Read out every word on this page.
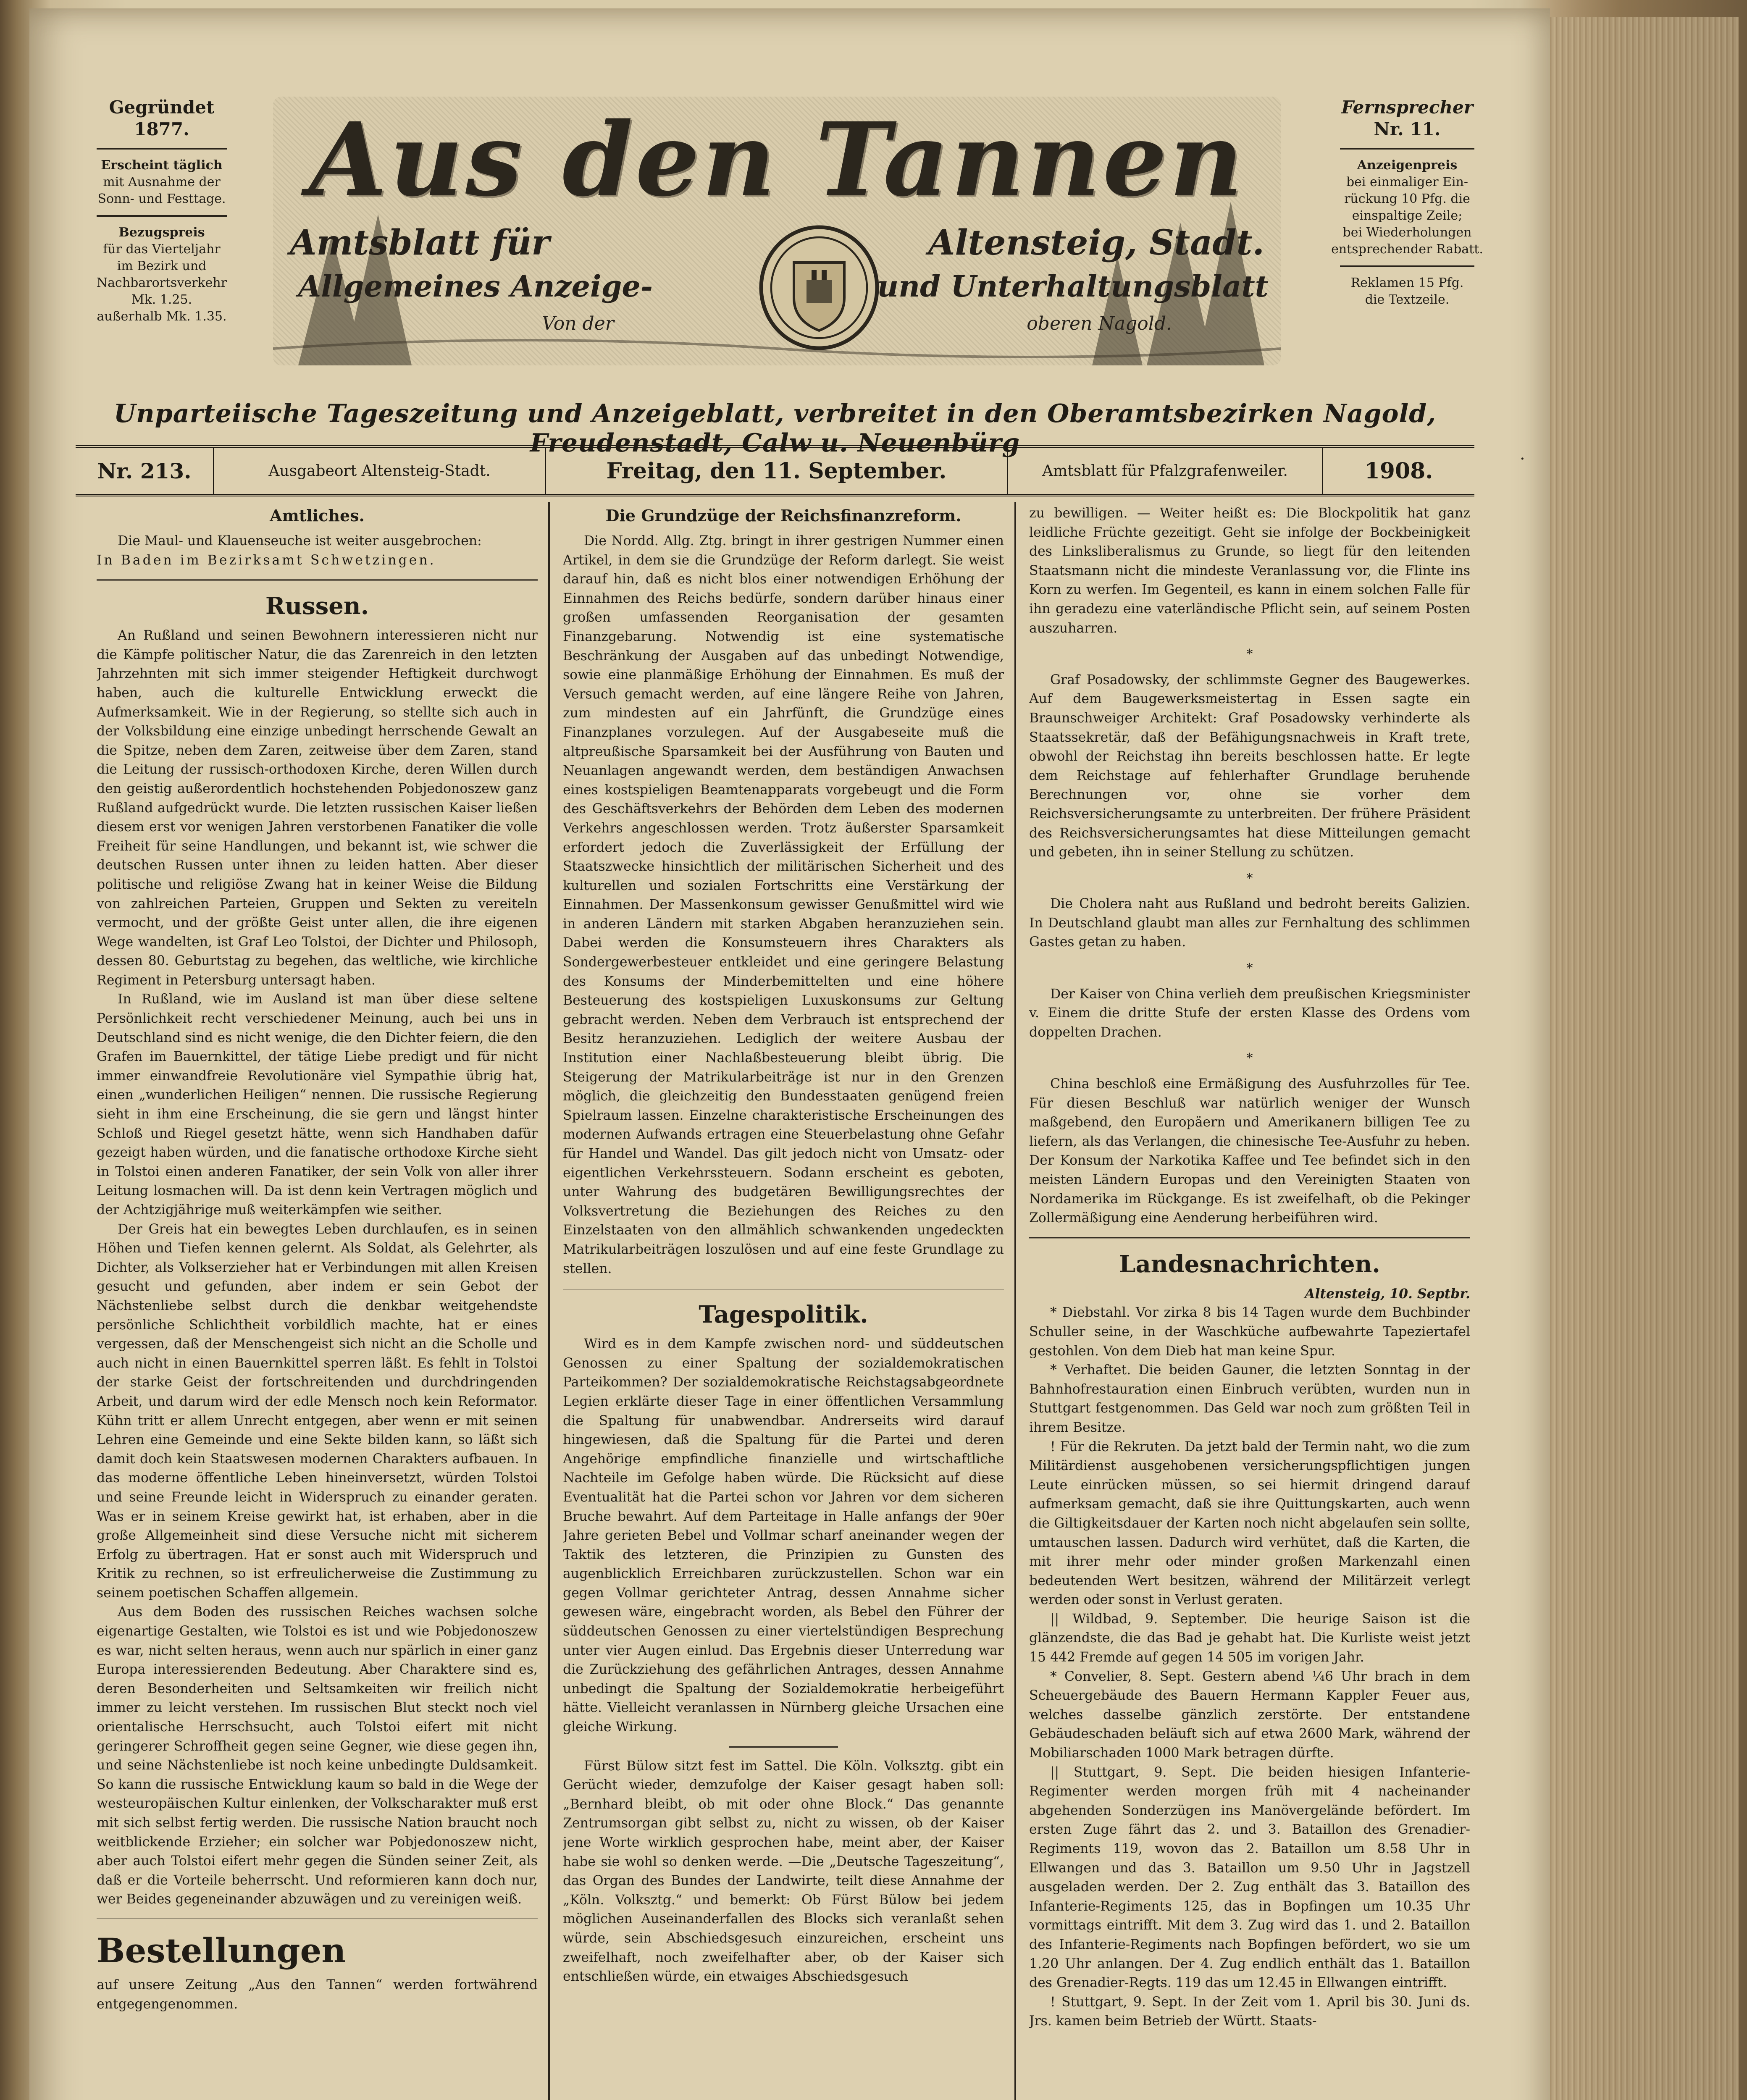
Gegründet
1877.
Erscheint täglich
mit Ausnahme der
Sonn- und Festtage.
Bezugspreis
für das Vierteljahr
im Bezirk und
Nachbarortsverkehr
Mk. 1.25.
außerhalb Mk. 1.35.
Aus den Tannen
Amtsblatt für	Altensteig, Stadt.
Allgemeines Anzeige-	und Unterhaltungsblatt
Von der	oberen Nagold.
Fernsprecher
Nr. 11.
Anzeigenpreis
bei einmaliger Ein-
rückung 10 Pfg. die
einspaltige Zeile;
bei Wiederholungen
entsprechender Rabatt.
Reklamen 15 Pfg.
die Textzeile.
Unparteiische Tageszeitung und Anzeigeblatt, verbreitet in den Oberamtsbezirken Nagold, Freudenstadt, Calw u. Neuenbürg
Nr. 213.	Ausgabeort Altensteig-Stadt.	Freitag, den 11. September.	Amtsblatt für Pfalzgrafenweiler.	1908.	·
Amtliches.

Die Maul- und Klauenseuche ist weiter ausgebrochen:

In Baden im Bezirksamt Schwetzingen.

Russen.

An Rußland und seinen Bewohnern interessieren nicht nur die Kämpfe politischer Natur, die das Zarenreich in den letzten Jahrzehnten mit sich immer steigender Heftigkeit durchwogt haben, auch die kulturelle Entwicklung erweckt die Aufmerksamkeit. Wie in der Regierung, so stellte sich auch in der Volksbildung eine einzige unbedingt herrschende Gewalt an die Spitze, neben dem Zaren, zeitweise über dem Zaren, stand die Leitung der russisch-orthodoxen Kirche, deren Willen durch den geistig außerordentlich hochstehenden Pobjedonoszew ganz Rußland aufgedrückt wurde. Die letzten russischen Kaiser ließen diesem erst vor wenigen Jahren verstorbenen Fanatiker die volle Freiheit für seine Handlungen, und bekannt ist, wie schwer die deutschen Russen unter ihnen zu leiden hatten. Aber dieser politische und religiöse Zwang hat in keiner Weise die Bildung von zahlreichen Parteien, Gruppen und Sekten zu vereiteln vermocht, und der größte Geist unter allen, die ihre eigenen Wege wandelten, ist Graf Leo Tolstoi, der Dichter und Philosoph, dessen 80. Geburtstag zu begehen, das weltliche, wie kirchliche Regiment in Petersburg untersagt haben.

In Rußland, wie im Ausland ist man über diese seltene Persönlichkeit recht verschiedener Meinung, auch bei uns in Deutschland sind es nicht wenige, die den Dichter feiern, die den Grafen im Bauernkittel, der tätige Liebe predigt und für nicht immer einwandfreie Revolutionäre viel Sympathie übrig hat, einen „wunderlichen Heiligen“ nennen. Die russische Regierung sieht in ihm eine Erscheinung, die sie gern und längst hinter Schloß und Riegel gesetzt hätte, wenn sich Handhaben dafür gezeigt haben würden, und die fanatische orthodoxe Kirche sieht in Tolstoi einen anderen Fanatiker, der sein Volk von aller ihrer Leitung losmachen will. Da ist denn kein Vertragen möglich und der Achtzigjährige muß weiterkämpfen wie seither.

Der Greis hat ein bewegtes Leben durchlaufen, es in seinen Höhen und Tiefen kennen gelernt. Als Soldat, als Gelehrter, als Dichter, als Volkserzieher hat er Verbindungen mit allen Kreisen gesucht und gefunden, aber indem er sein Gebot der Nächstenliebe selbst durch die denkbar weitgehendste persönliche Schlichtheit vorbildlich machte, hat er eines vergessen, daß der Menschengeist sich nicht an die Scholle und auch nicht in einen Bauernkittel sperren läßt. Es fehlt in Tolstoi der starke Geist der fortschreitenden und durchdringenden Arbeit, und darum wird der edle Mensch noch kein Reformator. Kühn tritt er allem Unrecht entgegen, aber wenn er mit seinen Lehren eine Gemeinde und eine Sekte bilden kann, so läßt sich damit doch kein Staatswesen modernen Charakters aufbauen. In das moderne öffentliche Leben hineinversetzt, würden Tolstoi und seine Freunde leicht in Widerspruch zu einander geraten. Was er in seinem Kreise gewirkt hat, ist erhaben, aber in die große Allgemeinheit sind diese Versuche nicht mit sicherem Erfolg zu übertragen. Hat er sonst auch mit Widerspruch und Kritik zu rechnen, so ist erfreulicherweise die Zustimmung zu seinem poetischen Schaffen allgemein.

Aus dem Boden des russischen Reiches wachsen solche eigenartige Gestalten, wie Tolstoi es ist und wie Pobjedonoszew es war, nicht selten heraus, wenn auch nur spärlich in einer ganz Europa interessierenden Bedeutung. Aber Charaktere sind es, deren Besonderheiten und Seltsamkeiten wir freilich nicht immer zu leicht verstehen. Im russischen Blut steckt noch viel orientalische Herrschsucht, auch Tolstoi eifert mit nicht geringerer Schroffheit gegen seine Gegner, wie diese gegen ihn, und seine Nächstenliebe ist noch keine unbedingte Duldsamkeit. So kann die russische Entwicklung kaum so bald in die Wege der westeuropäischen Kultur einlenken, der Volkscharakter muß erst mit sich selbst fertig werden. Die russische Nation braucht noch weitblickende Erzieher; ein solcher war Pobjedonoszew nicht, aber auch Tolstoi eifert mehr gegen die Sünden seiner Zeit, als daß er die Vorteile beherrscht. Und reformieren kann doch nur, wer Beides gegeneinander abzuwägen und zu vereinigen weiß.

Bestellungen

auf unsere Zeitung „Aus den Tannen“ werden fortwährend entgegengenommen.

Die Grundzüge der Reichsfinanzreform.

Die Nordd. Allg. Ztg. bringt in ihrer gestrigen Nummer einen Artikel, in dem sie die Grundzüge der Reform darlegt. Sie weist darauf hin, daß es nicht blos einer notwendigen Erhöhung der Einnahmen des Reichs bedürfe, sondern darüber hinaus einer großen umfassenden Reorganisation der gesamten Finanzgebarung. Notwendig ist eine systematische Beschränkung der Ausgaben auf das unbedingt Notwendige, sowie eine planmäßige Erhöhung der Einnahmen. Es muß der Versuch gemacht werden, auf eine längere Reihe von Jahren, zum mindesten auf ein Jahrfünft, die Grundzüge eines Finanzplanes vorzulegen. Auf der Ausgabeseite muß die altpreußische Sparsamkeit bei der Ausführung von Bauten und Neuanlagen angewandt werden, dem beständigen Anwachsen eines kostspieligen Beamtenapparats vorgebeugt und die Form des Geschäftsverkehrs der Behörden dem Leben des modernen Verkehrs angeschlossen werden. Trotz äußerster Sparsamkeit erfordert jedoch die Zuverlässigkeit der Erfüllung der Staatszwecke hinsichtlich der militärischen Sicherheit und des kulturellen und sozialen Fortschritts eine Verstärkung der Einnahmen. Der Massenkonsum gewisser Genußmittel wird wie in anderen Ländern mit starken Abgaben heranzuziehen sein. Dabei werden die Konsumsteuern ihres Charakters als Sondergewerbesteuer entkleidet und eine geringere Belastung des Konsums der Minderbemittelten und eine höhere Besteuerung des kostspieligen Luxuskonsums zur Geltung gebracht werden. Neben dem Verbrauch ist entsprechend der Besitz heranzuziehen. Lediglich der weitere Ausbau der Institution einer Nachlaßbesteuerung bleibt übrig. Die Steigerung der Matrikularbeiträge ist nur in den Grenzen möglich, die gleichzeitig den Bundesstaaten genügend freien Spielraum lassen. Einzelne charakteristische Erscheinungen des modernen Aufwands ertragen eine Steuerbelastung ohne Gefahr für Handel und Wandel. Das gilt jedoch nicht von Umsatz- oder eigentlichen Verkehrssteuern. Sodann erscheint es geboten, unter Wahrung des budgetären Bewilligungsrechtes der Volksvertretung die Beziehungen des Reiches zu den Einzelstaaten von den allmählich schwankenden ungedeckten Matrikularbeiträgen loszulösen und auf eine feste Grundlage zu stellen.

Tagespolitik.

Wird es in dem Kampfe zwischen nord- und süddeutschen Genossen zu einer Spaltung der sozialdemokratischen Parteikommen? Der sozialdemokratische Reichstagsabgeordnete Legien erklärte dieser Tage in einer öffentlichen Versammlung die Spaltung für unabwendbar. Andrerseits wird darauf hingewiesen, daß die Spaltung für die Partei und deren Angehörige empfindliche finanzielle und wirtschaftliche Nachteile im Gefolge haben würde. Die Rücksicht auf diese Eventualität hat die Partei schon vor Jahren vor dem sicheren Bruche bewahrt. Auf dem Parteitage in Halle anfangs der 90er Jahre gerieten Bebel und Vollmar scharf aneinander wegen der Taktik des letzteren, die Prinzipien zu Gunsten des augenblicklich Erreichbaren zurückzustellen. Schon war ein gegen Vollmar gerichteter Antrag, dessen Annahme sicher gewesen wäre, eingebracht worden, als Bebel den Führer der süddeutschen Genossen zu einer viertelstündigen Besprechung unter vier Augen einlud. Das Ergebnis dieser Unterredung war die Zurückziehung des gefährlichen Antrages, dessen Annahme unbedingt die Spaltung der Sozialdemokratie herbeigeführt hätte. Vielleicht veranlassen in Nürnberg gleiche Ursachen eine gleiche Wirkung.

Fürst Bülow sitzt fest im Sattel. Die Köln. Volksztg. gibt ein Gerücht wieder, demzufolge der Kaiser gesagt haben soll: „Bernhard bleibt, ob mit oder ohne Block.“ Das genannte Zentrumsorgan gibt selbst zu, nicht zu wissen, ob der Kaiser jene Worte wirklich gesprochen habe, meint aber, der Kaiser habe sie wohl so denken werde. —Die „Deutsche Tageszeitung“, das Organ des Bundes der Landwirte, teilt diese Annahme der „Köln. Volksztg.“ und bemerkt: Ob Fürst Bülow bei jedem möglichen Auseinanderfallen des Blocks sich veranlaßt sehen würde, sein Abschiedsgesuch einzureichen, erscheint uns zweifelhaft, noch zweifelhafter aber, ob der Kaiser sich entschließen würde, ein etwaiges Abschiedsgesuch

zu bewilligen. — Weiter heißt es: Die Blockpolitik hat ganz leidliche Früchte gezeitigt. Geht sie infolge der Bockbeinigkeit des Linksliberalismus zu Grunde, so liegt für den leitenden Staatsmann nicht die mindeste Veranlassung vor, die Flinte ins Korn zu werfen. Im Gegenteil, es kann in einem solchen Falle für ihn geradezu eine vaterländische Pflicht sein, auf seinem Posten auszuharren.

*

Graf Posadowsky, der schlimmste Gegner des Baugewerkes. Auf dem Baugewerksmeistertag in Essen sagte ein Braunschweiger Architekt: Graf Posadowsky verhinderte als Staatssekretär, daß der Befähigungsnachweis in Kraft trete, obwohl der Reichstag ihn bereits beschlossen hatte. Er legte dem Reichstage auf fehlerhafter Grundlage beruhende Berechnungen vor, ohne sie vorher dem Reichsversicherungsamte zu unterbreiten. Der frühere Präsident des Reichsversicherungsamtes hat diese Mitteilungen gemacht und gebeten, ihn in seiner Stellung zu schützen.

*

Die Cholera naht aus Rußland und bedroht bereits Galizien. In Deutschland glaubt man alles zur Fernhaltung des schlimmen Gastes getan zu haben.

*

Der Kaiser von China verlieh dem preußischen Kriegsminister v. Einem die dritte Stufe der ersten Klasse des Ordens vom doppelten Drachen.

*

China beschloß eine Ermäßigung des Ausfuhrzolles für Tee. Für diesen Beschluß war natürlich weniger der Wunsch maßgebend, den Europäern und Amerikanern billigen Tee zu liefern, als das Verlangen, die chinesische Tee-Ausfuhr zu heben. Der Konsum der Narkotika Kaffee und Tee befindet sich in den meisten Ländern Europas und den Vereinigten Staaten von Nordamerika im Rückgange. Es ist zweifelhaft, ob die Pekinger Zollermäßigung eine Aenderung herbeiführen wird.

Landesnachrichten.

Altensteig, 10. Septbr.

* Diebstahl. Vor zirka 8 bis 14 Tagen wurde dem Buchbinder Schuller seine, in der Waschküche aufbewahrte Tapeziertafel gestohlen. Von dem Dieb hat man keine Spur.

* Verhaftet. Die beiden Gauner, die letzten Sonntag in der Bahnhofrestauration einen Einbruch verübten, wurden nun in Stuttgart festgenommen. Das Geld war noch zum größten Teil in ihrem Besitze.

! Für die Rekruten. Da jetzt bald der Termin naht, wo die zum Militärdienst ausgehobenen versicherungspflichtigen jungen Leute einrücken müssen, so sei hiermit dringend darauf aufmerksam gemacht, daß sie ihre Quittungskarten, auch wenn die Giltigkeitsdauer der Karten noch nicht abgelaufen sein sollte, umtauschen lassen. Dadurch wird verhütet, daß die Karten, die mit ihrer mehr oder minder großen Markenzahl einen bedeutenden Wert besitzen, während der Militärzeit verlegt werden oder sonst in Verlust geraten.

|| Wildbad, 9. September. Die heurige Saison ist die glänzendste, die das Bad je gehabt hat. Die Kurliste weist jetzt 15 442 Fremde auf gegen 14 505 im vorigen Jahr.

* Convelier, 8. Sept. Gestern abend ¼6 Uhr brach in dem Scheuergebäude des Bauern Hermann Kappler Feuer aus, welches dasselbe gänzlich zerstörte. Der entstandene Gebäudeschaden beläuft sich auf etwa 2600 Mark, während der Mobiliarschaden 1000 Mark betragen dürfte.

|| Stuttgart, 9. Sept. Die beiden hiesigen Infanterie-Regimenter werden morgen früh mit 4 nacheinander abgehenden Sonderzügen ins Manövergelände befördert. Im ersten Zuge fährt das 2. und 3. Bataillon des Grenadier-Regiments 119, wovon das 2. Bataillon um 8.58 Uhr in Ellwangen und das 3. Bataillon um 9.50 Uhr in Jagstzell ausgeladen werden. Der 2. Zug enthält das 3. Bataillon des Infanterie-Regiments 125, das in Bopfingen um 10.35 Uhr vormittags eintrifft. Mit dem 3. Zug wird das 1. und 2. Bataillon des Infanterie-Regiments nach Bopfingen befördert, wo sie um 1.20 Uhr anlangen. Der 4. Zug endlich enthält das 1. Bataillon des Grenadier-Regts. 119 das um 12.45 in Ellwangen eintrifft.

! Stuttgart, 9. Sept. In der Zeit vom 1. April bis 30. Juni ds. Jrs. kamen beim Betrieb der Württ. Staats-
